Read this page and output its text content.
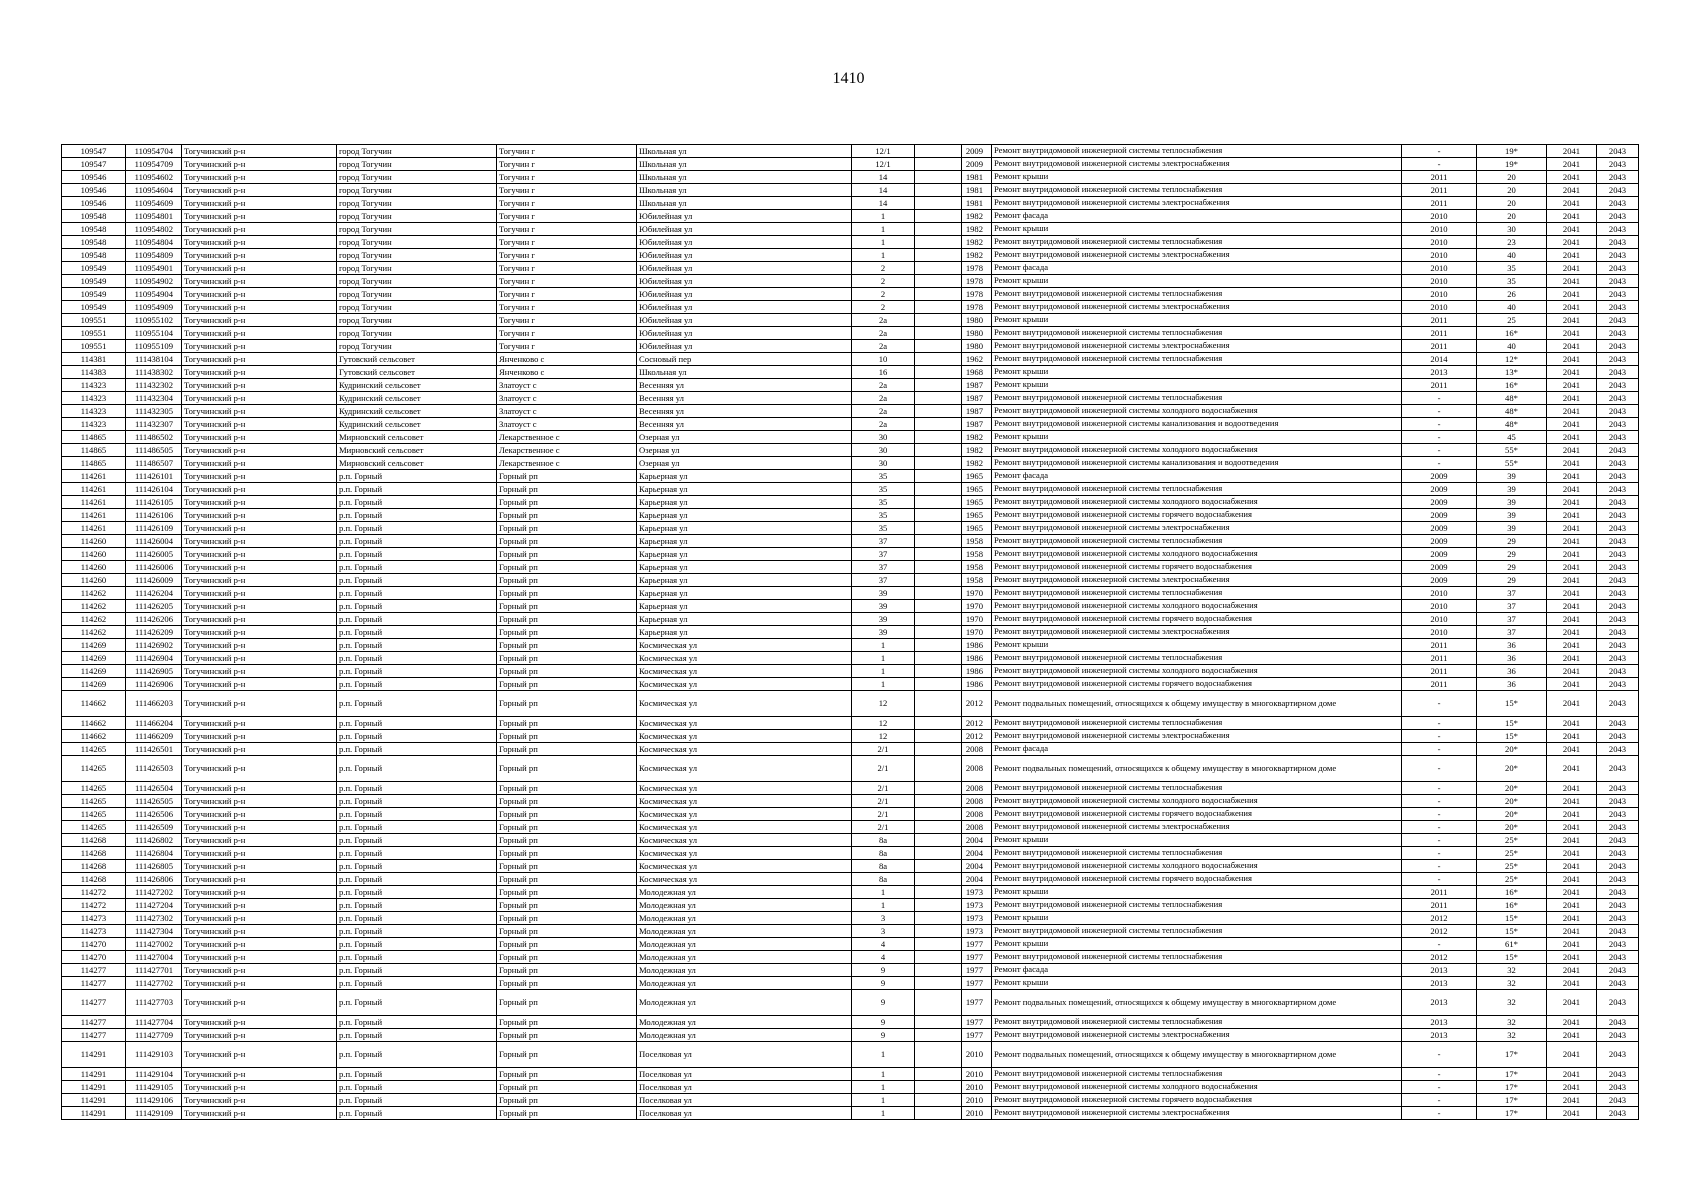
1410
109547	110954704	Тогучинский р-н	город Тогучин	Тогучин г	Школьная ул	12/1		2009	Ремонт внутридомовой инженерной системы теплоснабжения	-	19*	2041	2043
109547	110954709	Тогучинский р-н	город Тогучин	Тогучин г	Школьная ул	12/1		2009	Ремонт внутридомовой инженерной системы электроснабжения	-	19*	2041	2043
109546	110954602	Тогучинский р-н	город Тогучин	Тогучин г	Школьная ул	14		1981	Ремонт крыши	2011	20	2041	2043
109546	110954604	Тогучинский р-н	город Тогучин	Тогучин г	Школьная ул	14		1981	Ремонт внутридомовой инженерной системы теплоснабжения	2011	20	2041	2043
109546	110954609	Тогучинский р-н	город Тогучин	Тогучин г	Школьная ул	14		1981	Ремонт внутридомовой инженерной системы электроснабжения	2011	20	2041	2043
109548	110954801	Тогучинский р-н	город Тогучин	Тогучин г	Юбилейная ул	1		1982	Ремонт фасада	2010	20	2041	2043
109548	110954802	Тогучинский р-н	город Тогучин	Тогучин г	Юбилейная ул	1		1982	Ремонт крыши	2010	30	2041	2043
109548	110954804	Тогучинский р-н	город Тогучин	Тогучин г	Юбилейная ул	1		1982	Ремонт внутридомовой инженерной системы теплоснабжения	2010	23	2041	2043
109548	110954809	Тогучинский р-н	город Тогучин	Тогучин г	Юбилейная ул	1		1982	Ремонт внутридомовой инженерной системы электроснабжения	2010	40	2041	2043
109549	110954901	Тогучинский р-н	город Тогучин	Тогучин г	Юбилейная ул	2		1978	Ремонт фасада	2010	35	2041	2043
109549	110954902	Тогучинский р-н	город Тогучин	Тогучин г	Юбилейная ул	2		1978	Ремонт крыши	2010	35	2041	2043
109549	110954904	Тогучинский р-н	город Тогучин	Тогучин г	Юбилейная ул	2		1978	Ремонт внутридомовой инженерной системы теплоснабжения	2010	26	2041	2043
109549	110954909	Тогучинский р-н	город Тогучин	Тогучин г	Юбилейная ул	2		1978	Ремонт внутридомовой инженерной системы электроснабжения	2010	40	2041	2043
109551	110955102	Тогучинский р-н	город Тогучин	Тогучин г	Юбилейная ул	2а		1980	Ремонт крыши	2011	25	2041	2043
109551	110955104	Тогучинский р-н	город Тогучин	Тогучин г	Юбилейная ул	2а		1980	Ремонт внутридомовой инженерной системы теплоснабжения	2011	16*	2041	2043
109551	110955109	Тогучинский р-н	город Тогучин	Тогучин г	Юбилейная ул	2а		1980	Ремонт внутридомовой инженерной системы электроснабжения	2011	40	2041	2043
114381	111438104	Тогучинский р-н	Гутовский сельсовет	Янченково с	Сосновый пер	10		1962	Ремонт внутридомовой инженерной системы теплоснабжения	2014	12*	2041	2043
114383	111438302	Тогучинский р-н	Гутовский сельсовет	Янченково с	Школьная ул	16		1968	Ремонт крыши	2013	13*	2041	2043
114323	111432302	Тогучинский р-н	Кудринский сельсовет	Златоуст с	Весенняя ул	2а		1987	Ремонт крыши	2011	16*	2041	2043
114323	111432304	Тогучинский р-н	Кудринский сельсовет	Златоуст с	Весенняя ул	2а		1987	Ремонт внутридомовой инженерной системы теплоснабжения	-	48*	2041	2043
114323	111432305	Тогучинский р-н	Кудринский сельсовет	Златоуст с	Весенняя ул	2а		1987	Ремонт внутридомовой инженерной системы холодного водоснабжения	-	48*	2041	2043
114323	111432307	Тогучинский р-н	Кудринский сельсовет	Златоуст с	Весенняя ул	2а		1987	Ремонт внутридомовой инженерной системы канализования и водоотведения	-	48*	2041	2043
114865	111486502	Тогучинский р-н	Мирновский сельсовет	Лекарственное с	Озерная ул	30		1982	Ремонт крыши	-	45	2041	2043
114865	111486505	Тогучинский р-н	Мирновский сельсовет	Лекарственное с	Озерная ул	30		1982	Ремонт внутридомовой инженерной системы холодного водоснабжения	-	55*	2041	2043
114865	111486507	Тогучинский р-н	Мирновский сельсовет	Лекарственное с	Озерная ул	30		1982	Ремонт внутридомовой инженерной системы канализования и водоотведения	-	55*	2041	2043
114261	111426101	Тогучинский р-н	р.п. Горный	Горный рп	Карьерная ул	35		1965	Ремонт фасада	2009	39	2041	2043
114261	111426104	Тогучинский р-н	р.п. Горный	Горный рп	Карьерная ул	35		1965	Ремонт внутридомовой инженерной системы теплоснабжения	2009	39	2041	2043
114261	111426105	Тогучинский р-н	р.п. Горный	Горный рп	Карьерная ул	35		1965	Ремонт внутридомовой инженерной системы холодного водоснабжения	2009	39	2041	2043
114261	111426106	Тогучинский р-н	р.п. Горный	Горный рп	Карьерная ул	35		1965	Ремонт внутридомовой инженерной системы горячего водоснабжения	2009	39	2041	2043
114261	111426109	Тогучинский р-н	р.п. Горный	Горный рп	Карьерная ул	35		1965	Ремонт внутридомовой инженерной системы электроснабжения	2009	39	2041	2043
114260	111426004	Тогучинский р-н	р.п. Горный	Горный рп	Карьерная ул	37		1958	Ремонт внутридомовой инженерной системы теплоснабжения	2009	29	2041	2043
114260	111426005	Тогучинский р-н	р.п. Горный	Горный рп	Карьерная ул	37		1958	Ремонт внутридомовой инженерной системы холодного водоснабжения	2009	29	2041	2043
114260	111426006	Тогучинский р-н	р.п. Горный	Горный рп	Карьерная ул	37		1958	Ремонт внутридомовой инженерной системы горячего водоснабжения	2009	29	2041	2043
114260	111426009	Тогучинский р-н	р.п. Горный	Горный рп	Карьерная ул	37		1958	Ремонт внутридомовой инженерной системы электроснабжения	2009	29	2041	2043
114262	111426204	Тогучинский р-н	р.п. Горный	Горный рп	Карьерная ул	39		1970	Ремонт внутридомовой инженерной системы теплоснабжения	2010	37	2041	2043
114262	111426205	Тогучинский р-н	р.п. Горный	Горный рп	Карьерная ул	39		1970	Ремонт внутридомовой инженерной системы холодного водоснабжения	2010	37	2041	2043
114262	111426206	Тогучинский р-н	р.п. Горный	Горный рп	Карьерная ул	39		1970	Ремонт внутридомовой инженерной системы горячего водоснабжения	2010	37	2041	2043
114262	111426209	Тогучинский р-н	р.п. Горный	Горный рп	Карьерная ул	39		1970	Ремонт внутридомовой инженерной системы электроснабжения	2010	37	2041	2043
114269	111426902	Тогучинский р-н	р.п. Горный	Горный рп	Космическая ул	1		1986	Ремонт крыши	2011	36	2041	2043
114269	111426904	Тогучинский р-н	р.п. Горный	Горный рп	Космическая ул	1		1986	Ремонт внутридомовой инженерной системы теплоснабжения	2011	36	2041	2043
114269	111426905	Тогучинский р-н	р.п. Горный	Горный рп	Космическая ул	1		1986	Ремонт внутридомовой инженерной системы холодного водоснабжения	2011	36	2041	2043
114269	111426906	Тогучинский р-н	р.п. Горный	Горный рп	Космическая ул	1		1986	Ремонт внутридомовой инженерной системы горячего водоснабжения	2011	36	2041	2043
114662	111466203	Тогучинский р-н	р.п. Горный	Горный рп	Космическая ул	12		2012	Ремонт подвальных помещений, относящихся к общему имуществу в многоквартирном доме	-	15*	2041	2043
114662	111466204	Тогучинский р-н	р.п. Горный	Горный рп	Космическая ул	12		2012	Ремонт внутридомовой инженерной системы теплоснабжения	-	15*	2041	2043
114662	111466209	Тогучинский р-н	р.п. Горный	Горный рп	Космическая ул	12		2012	Ремонт внутридомовой инженерной системы электроснабжения	-	15*	2041	2043
114265	111426501	Тогучинский р-н	р.п. Горный	Горный рп	Космическая ул	2/1		2008	Ремонт фасада	-	20*	2041	2043
114265	111426503	Тогучинский р-н	р.п. Горный	Горный рп	Космическая ул	2/1		2008	Ремонт подвальных помещений, относящихся к общему имуществу в многоквартирном доме	-	20*	2041	2043
114265	111426504	Тогучинский р-н	р.п. Горный	Горный рп	Космическая ул	2/1		2008	Ремонт внутридомовой инженерной системы теплоснабжения	-	20*	2041	2043
114265	111426505	Тогучинский р-н	р.п. Горный	Горный рп	Космическая ул	2/1		2008	Ремонт внутридомовой инженерной системы холодного водоснабжения	-	20*	2041	2043
114265	111426506	Тогучинский р-н	р.п. Горный	Горный рп	Космическая ул	2/1		2008	Ремонт внутридомовой инженерной системы горячего водоснабжения	-	20*	2041	2043
114265	111426509	Тогучинский р-н	р.п. Горный	Горный рп	Космическая ул	2/1		2008	Ремонт внутридомовой инженерной системы электроснабжения	-	20*	2041	2043
114268	111426802	Тогучинский р-н	р.п. Горный	Горный рп	Космическая ул	8а		2004	Ремонт крыши	-	25*	2041	2043
114268	111426804	Тогучинский р-н	р.п. Горный	Горный рп	Космическая ул	8а		2004	Ремонт внутридомовой инженерной системы теплоснабжения	-	25*	2041	2043
114268	111426805	Тогучинский р-н	р.п. Горный	Горный рп	Космическая ул	8а		2004	Ремонт внутридомовой инженерной системы холодного водоснабжения	-	25*	2041	2043
114268	111426806	Тогучинский р-н	р.п. Горный	Горный рп	Космическая ул	8а		2004	Ремонт внутридомовой инженерной системы горячего водоснабжения	-	25*	2041	2043
114272	111427202	Тогучинский р-н	р.п. Горный	Горный рп	Молодежная ул	1		1973	Ремонт крыши	2011	16*	2041	2043
114272	111427204	Тогучинский р-н	р.п. Горный	Горный рп	Молодежная ул	1		1973	Ремонт внутридомовой инженерной системы теплоснабжения	2011	16*	2041	2043
114273	111427302	Тогучинский р-н	р.п. Горный	Горный рп	Молодежная ул	3		1973	Ремонт крыши	2012	15*	2041	2043
114273	111427304	Тогучинский р-н	р.п. Горный	Горный рп	Молодежная ул	3		1973	Ремонт внутридомовой инженерной системы теплоснабжения	2012	15*	2041	2043
114270	111427002	Тогучинский р-н	р.п. Горный	Горный рп	Молодежная ул	4		1977	Ремонт крыши	-	61*	2041	2043
114270	111427004	Тогучинский р-н	р.п. Горный	Горный рп	Молодежная ул	4		1977	Ремонт внутридомовой инженерной системы теплоснабжения	2012	15*	2041	2043
114277	111427701	Тогучинский р-н	р.п. Горный	Горный рп	Молодежная ул	9		1977	Ремонт фасада	2013	32	2041	2043
114277	111427702	Тогучинский р-н	р.п. Горный	Горный рп	Молодежная ул	9		1977	Ремонт крыши	2013	32	2041	2043
114277	111427703	Тогучинский р-н	р.п. Горный	Горный рп	Молодежная ул	9		1977	Ремонт подвальных помещений, относящихся к общему имуществу в многоквартирном доме	2013	32	2041	2043
114277	111427704	Тогучинский р-н	р.п. Горный	Горный рп	Молодежная ул	9		1977	Ремонт внутридомовой инженерной системы теплоснабжения	2013	32	2041	2043
114277	111427709	Тогучинский р-н	р.п. Горный	Горный рп	Молодежная ул	9		1977	Ремонт внутридомовой инженерной системы электроснабжения	2013	32	2041	2043
114291	111429103	Тогучинский р-н	р.п. Горный	Горный рп	Поселковая ул	1		2010	Ремонт подвальных помещений, относящихся к общему имуществу в многоквартирном доме	-	17*	2041	2043
114291	111429104	Тогучинский р-н	р.п. Горный	Горный рп	Поселковая ул	1		2010	Ремонт внутридомовой инженерной системы теплоснабжения	-	17*	2041	2043
114291	111429105	Тогучинский р-н	р.п. Горный	Горный рп	Поселковая ул	1		2010	Ремонт внутридомовой инженерной системы холодного водоснабжения	-	17*	2041	2043
114291	111429106	Тогучинский р-н	р.п. Горный	Горный рп	Поселковая ул	1		2010	Ремонт внутридомовой инженерной системы горячего водоснабжения	-	17*	2041	2043
114291	111429109	Тогучинский р-н	р.п. Горный	Горный рп	Поселковая ул	1		2010	Ремонт внутридомовой инженерной системы электроснабжения	-	17*	2041	2043
